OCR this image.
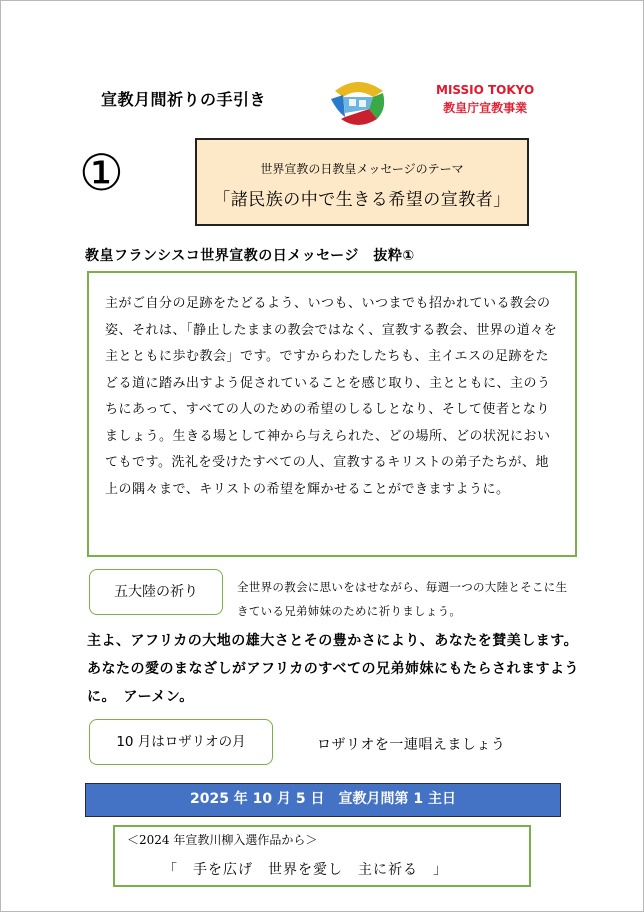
宣教月間祈りの手引き	MISSIO TOKYO
教皇庁宣教事業
①	世界宣教の日教皇メッセージのテーマ
「諸民族の中で生きる希望の宣教者」
教皇フランシスコ世界宣教の日メッセージ　抜粋①
主がご自分の足跡をたどるよう、いつも、いつまでも招かれている教会の姿、それは、「静止したままの教会ではなく、宣教する教会、世界の道々を主とともに歩む教会」です。ですからわたしたちも、主イエスの足跡をたどる道に踏み出すよう促されていることを感じ取り、主とともに、主のうちにあって、すべての人のための希望のしるしとなり、そして使者となりましょう。生きる場として神から与えられた、どの場所、どの状況においてもです。洗礼を受けたすべての人、宣教するキリストの弟子たちが、地上の隅々まで、キリストの希望を輝かせることができますように。
五大陸の祈り	全世界の教会に思いをはせながら、毎週一つの大陸とそこに生きている兄弟姉妹のために祈りましょう。
主よ、アフリカの大地の雄大さとその豊かさにより、あなたを賛美します。あなたの愛のまなざしがアフリカのすべての兄弟姉妹にもたらされますように。　アーメン。
10 月はロザリオの月	ロザリオを一連唱えましょう
2025 年 10 月 5 日　宣教月間第 1 主日
＜2024 年宣教川柳入選作品から＞
「　手を広げ　世界を愛し　主に祈る　」
